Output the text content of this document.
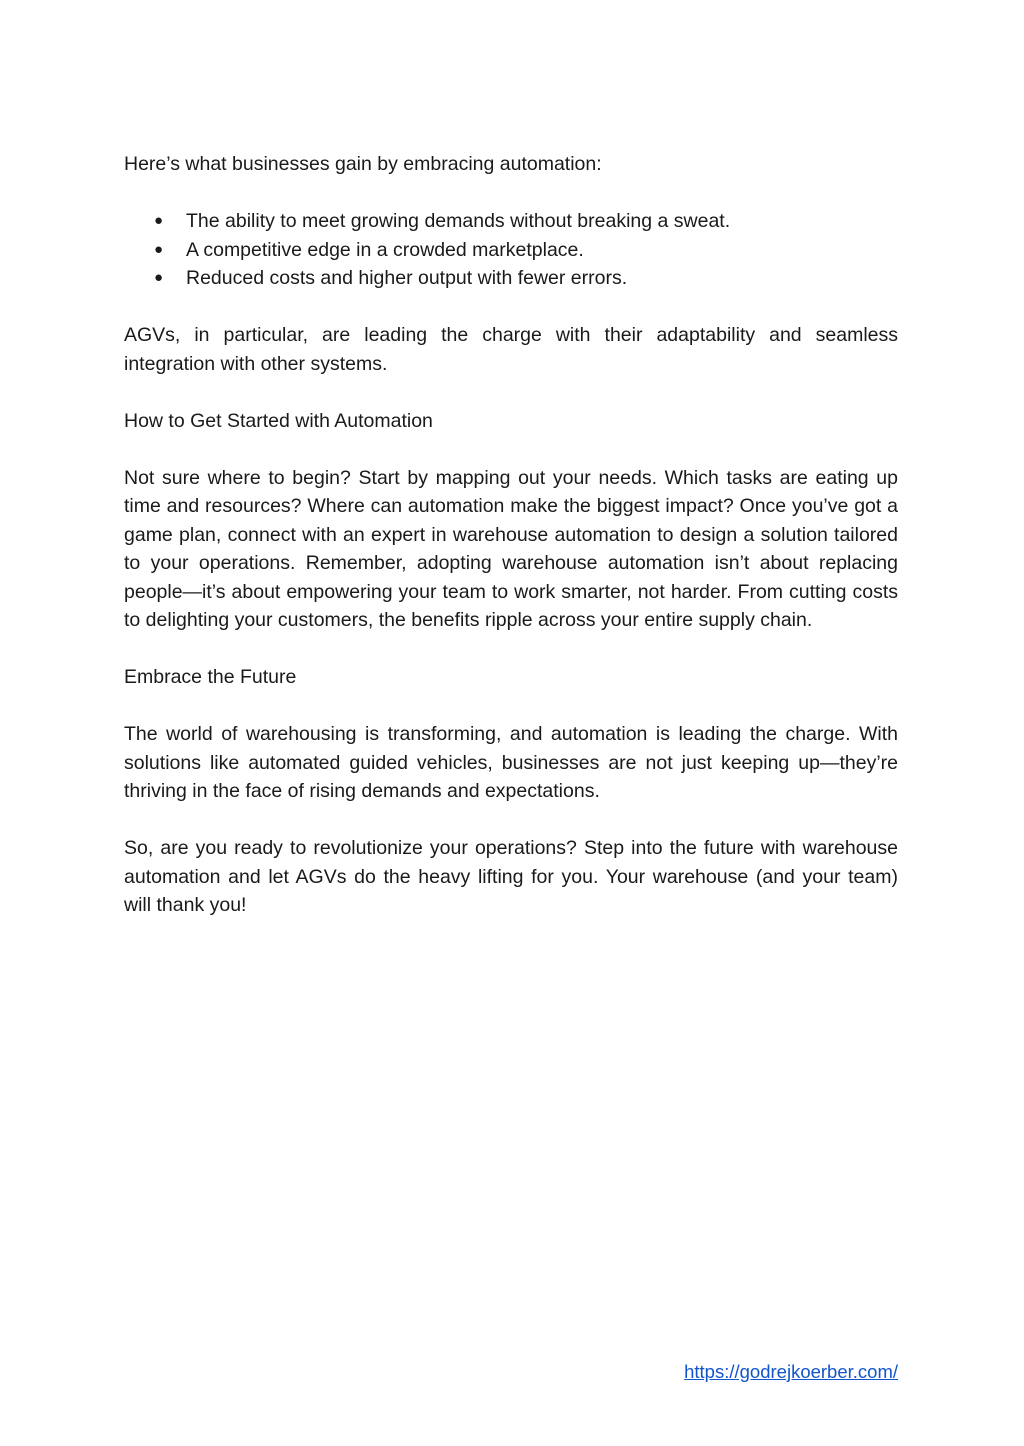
Here’s what businesses gain by embracing automation:

● The ability to meet growing demands without breaking a sweat.
● A competitive edge in a crowded marketplace.
● Reduced costs and higher output with fewer errors.

AGVs, in particular, are leading the charge with their adaptability and seamless integration with other systems.

How to Get Started with Automation

Not sure where to begin? Start by mapping out your needs. Which tasks are eating up time and resources? Where can automation make the biggest impact? Once you’ve got a game plan, connect with an expert in warehouse automation to design a solution tailored to your operations. Remember, adopting warehouse automation isn’t about replacing people—it’s about empowering your team to work smarter, not harder. From cutting costs to delighting your customers, the benefits ripple across your entire supply chain.

Embrace the Future

The world of warehousing is transforming, and automation is leading the charge. With solutions like automated guided vehicles, businesses are not just keeping up—they’re thriving in the face of rising demands and expectations.

So, are you ready to revolutionize your operations? Step into the future with warehouse automation and let AGVs do the heavy lifting for you. Your warehouse (and your team) will thank you!

https://godrejkoerber.com/
